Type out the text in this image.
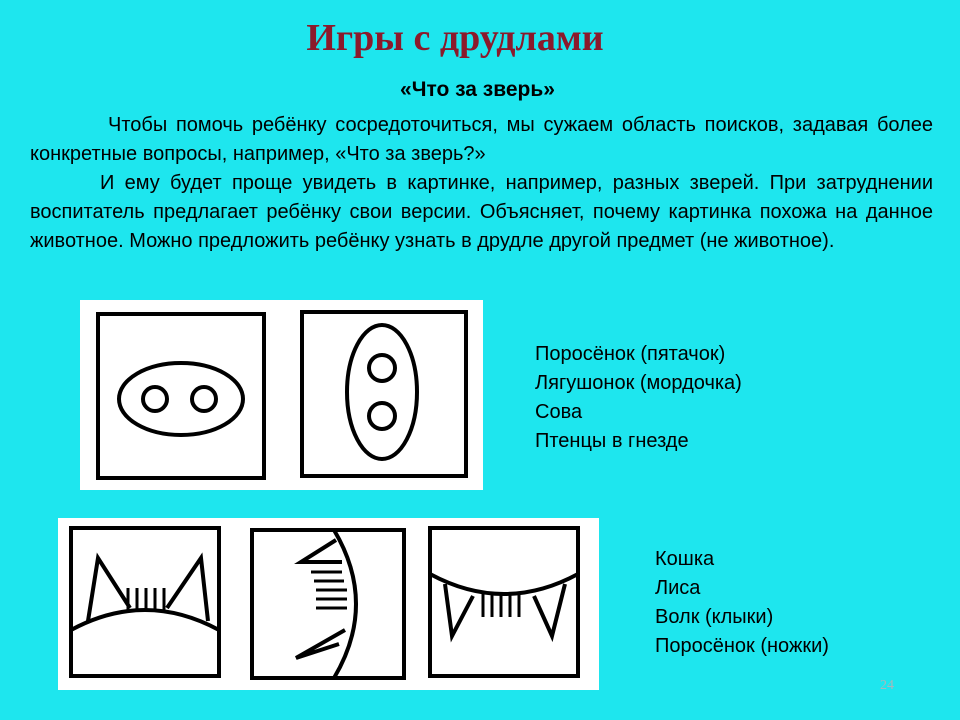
Игры с друдлами
«Что за зверь»

Чтобы помочь ребёнку сосредоточиться, мы сужаем область поисков, задавая более конкретные вопросы, например, «Что за зверь?»

И ему будет проще увидеть в картинке, например, разных зверей. При затруднении воспитатель предлагает ребёнку свои версии. Объясняет, почему картинка похожа на данное животное. Можно предложить ребёнку узнать в друдле другой предмет (не животное).

Поросёнок (пятачок)
Лягушонок (мордочка)
Сова
Птенцы в гнезде
Кошка
Лиса
Волк (клыки)
Поросёнок (ножки)
24
